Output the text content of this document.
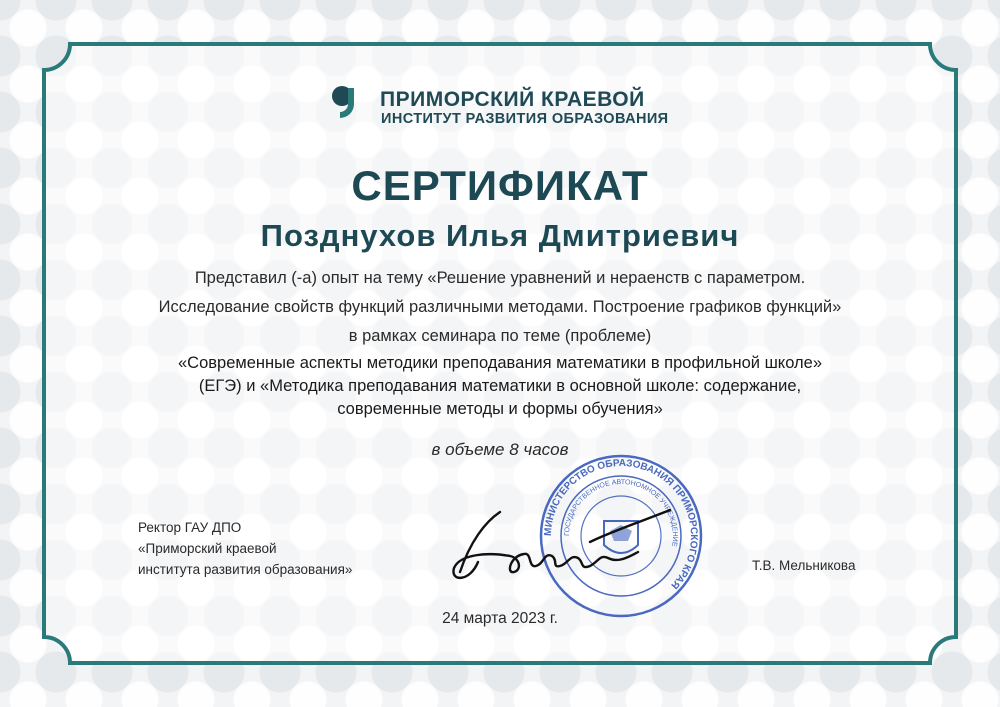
ПРИМОРСКИЙ КРАЕВОЙ
ИНСТИТУТ РАЗВИТИЯ ОБРАЗОВАНИЯ
СЕРТИФИКАТ
Позднухов Илья Дмитриевич
Представил (-а) опыт на тему «Решение уравнений и нераенств с параметром.
Исследование свойств функций различными методами. Построение графиков функций»
в рамках семинара по теме (проблеме)
«Современные аспекты методики преподавания математики в профильной школе»
(ЕГЭ) и «Методика преподавания математики в основной школе: содержание,
современные методы и формы обучения»
в объеме 8 часов
Ректор ГАУ ДПО
«Приморский краевой
института развития образования»
МИНИСТЕРСТВО ОБРАЗОВАНИЯ ПРИМОРСКОГО КРАЯ
ГОСУДАРСТВЕННОЕ АВТОНОМНОЕ УЧРЕЖДЕНИЕ
Т.В. Мельникова
24 марта 2023 г.
